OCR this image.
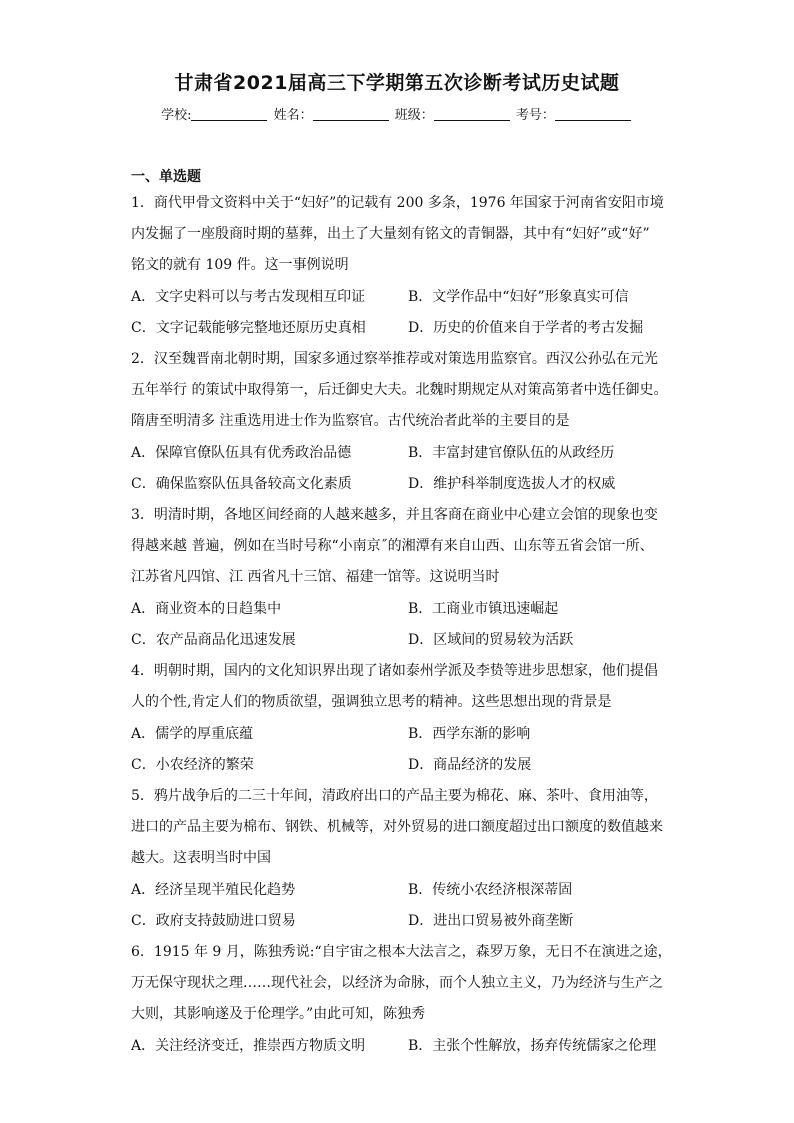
甘肃省2021届高三下学期第五次诊断考试历史试题
学校:	姓名：	班级：	考号：
一、单选题
1．商代甲骨文资料中关于“妇好”的记载有 200 多条，1976 年国家于河南省安阳市境
内发掘了一座殷商时期的墓葬，出土了大量刻有铭文的青铜器，其中有“妇好”或“好”
铭文的就有 109 件。这一事例说明
A．文字史料可以与考古发现相互印证	B．文学作品中“妇好”形象真实可信
C．文字记载能够完整地还原历史真相	D．历史的价值来自于学者的考古发掘
2．汉至魏晋南北朝时期，国家多通过察举推荐或对策选用监察官。西汉公孙弘在元光
五年举行 的策试中取得第一，后迁御史大夫。北魏时期规定从对策高第者中选任御史。
隋唐至明清多 注重选用进士作为监察官。古代统治者此举的主要目的是
A．保障官僚队伍具有优秀政治品德	B．丰富封建官僚队伍的从政经历
C．确保监察队伍具备较高文化素质	D．维护科举制度选拔人才的权威
3．明清时期，各地区间经商的人越来越多，并且客商在商业中心建立会馆的现象也变
得越来越 普遍，例如在当时号称“小南京˝的湘潭有来自山西、山东等五省会馆一所、
江苏省凡四馆、江 西省凡十三馆、福建一馆等。这说明当时
A．商业资本的日趋集中	B．工商业市镇迅速崛起
C．农产品商品化迅速发展	D．区域间的贸易较为活跃
4．明朝时期，国内的文化知识界出现了诸如泰州学派及李贽等进步思想家，他们提倡
人的个性,肯定人们的物质欲望，强调独立思考的精神。这些思想出现的背景是
A．儒学的厚重底蕴	B．西学东渐的影响
C．小农经济的繁荣	D．商品经济的发展
5．鸦片战争后的二三十年间，清政府出口的产品主要为棉花、麻、茶叶、食用油等，
进口的产品主要为棉布、钢铁、机械等，对外贸易的进口额度超过出口额度的数值越来
越大。这表明当时中国
A．经济呈现半殖民化趋势	B．传统小农经济根深蒂固
C．政府支持鼓励进口贸易	D．进出口贸易被外商垄断
6．1915 年 9 月，陈独秀说:“自宇宙之根本大法言之，森罗万象，无日不在演进之途，
万无保守现状之理……现代社会，以经济为命脉，而个人独立主义，乃为经济与生产之
大则，其影响遂及于伦理学。”由此可知，陈独秀
A．关注经济变迁，推崇西方物质文明	B．主张个性解放，扬弃传统儒家之伦理
